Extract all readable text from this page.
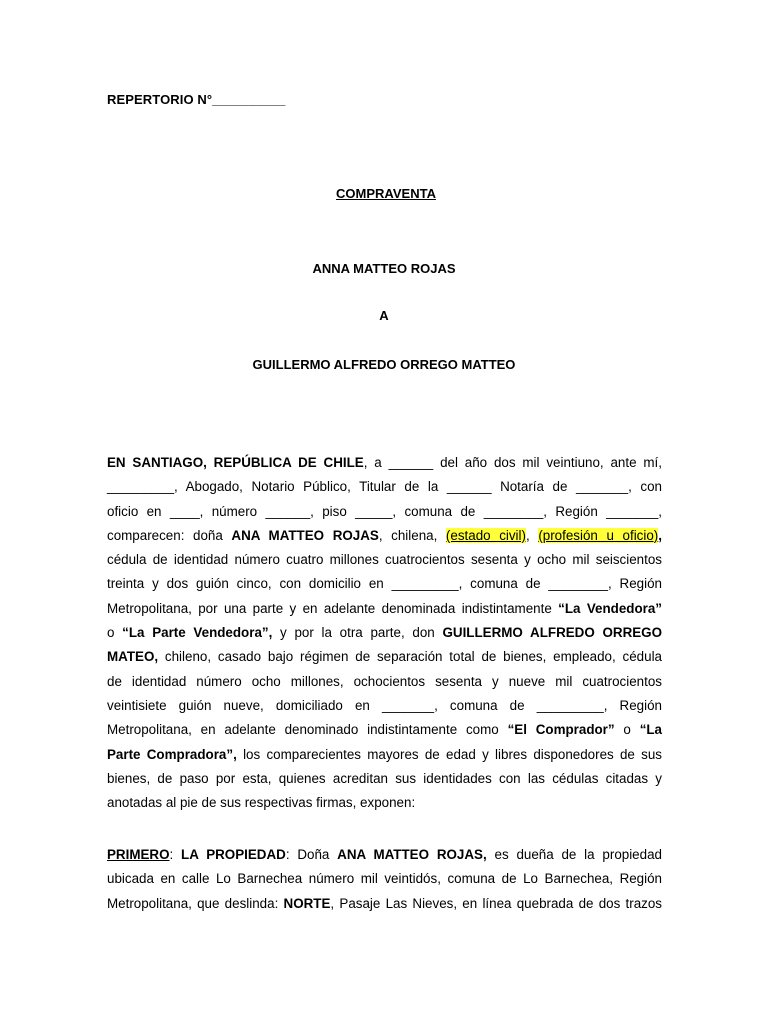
REPERTORIO N°__________
COMPRAVENTA
ANNA MATTEO ROJAS
A
GUILLERMO ALFREDO ORREGO MATTEO
EN SANTIAGO, REPÚBLICA DE CHILE, a ______ del año dos mil veintiuno, ante mí,
_________, Abogado, Notario Público, Titular de la ______ Notaría de _______, con
oficio en ____, número ______, piso _____, comuna de ________, Región _______,
comparecen: doña ANA MATTEO ROJAS, chilena, (estado civil), (profesión u oficio),
cédula de identidad número cuatro millones cuatrocientos sesenta y ocho mil seiscientos
treinta y dos guión cinco, con domicilio en _________, comuna de ________, Región
Metropolitana, por una parte y en adelante denominada indistintamente “La Vendedora”
o “La Parte Vendedora”, y por la otra parte, don GUILLERMO ALFREDO ORREGO
MATEO, chileno, casado bajo régimen de separación total de bienes, empleado, cédula
de identidad número ocho millones, ochocientos sesenta y nueve mil cuatrocientos
veintisiete guión nueve, domiciliado en _______, comuna de _________, Región
Metropolitana, en adelante denominado indistintamente como “El Comprador” o “La
Parte Compradora”, los comparecientes mayores de edad y libres disponedores de sus
bienes, de paso por esta, quienes acreditan sus identidades con las cédulas citadas y
anotadas al pie de sus respectivas firmas, exponen:
PRIMERO: LA PROPIEDAD: Doña ANA MATTEO ROJAS, es dueña de la propiedad
ubicada en calle Lo Barnechea número mil veintidós, comuna de Lo Barnechea, Región
Metropolitana, que deslinda: NORTE, Pasaje Las Nieves, en línea quebrada de dos trazos
